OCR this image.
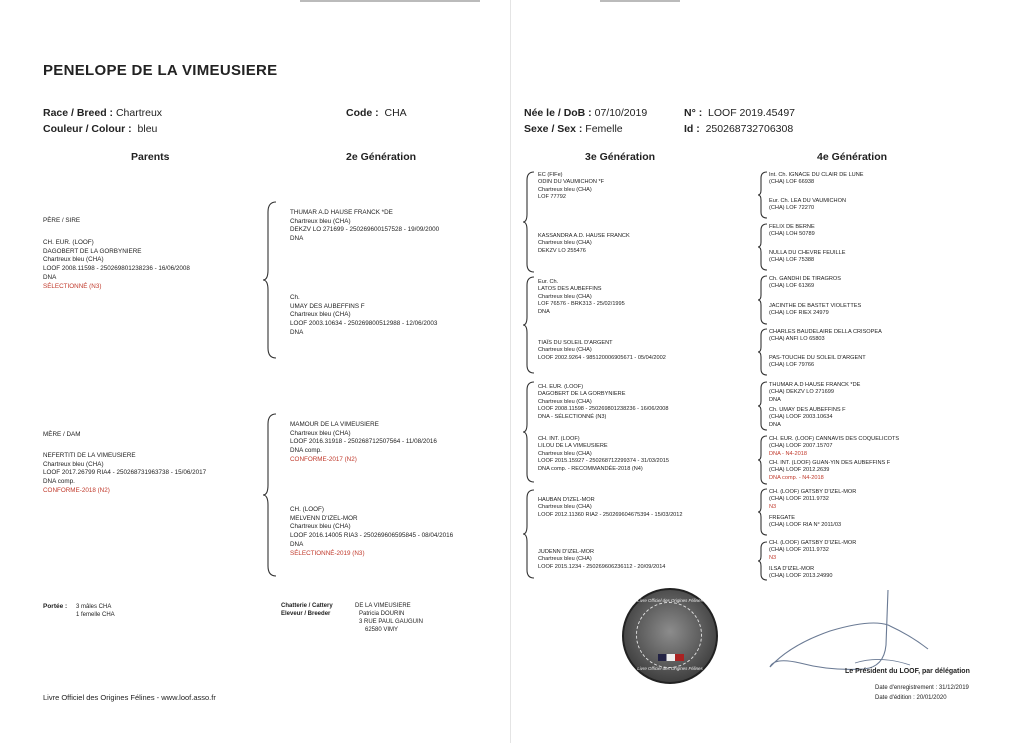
PENELOPE DE LA VIMEUSIERE
Race / Breed : Chartreux
Couleur / Colour : bleu
Code : CHA	Née le / DoB : 07/10/2019
Sexe / Sex : Femelle
N° : LOOF 2019.45497
Id : 250268732706308
Parents	2e Génération	3e Génération	4e Génération
PÈRE / SIRE
CH. EUR. (LOOF)
DAGOBERT DE LA GORBYNIERE
Chartreux bleu (CHA)
LOOF 2008.11598 - 250269801238236 - 16/06/2008
DNA
SÉLECTIONNÉ (N3)
MÈRE / DAM
NEFERTITI DE LA VIMEUSIERE
Chartreux bleu (CHA)
LOOF 2017.26799 RIA4 - 250268731963738 - 15/06/2017
DNA comp.
CONFORME-2018 (N2)
THUMAR A.D HAUSE FRANCK *DE
Chartreux bleu (CHA)
DEKZV LO 271699 - 250269600157528 - 19/09/2000
DNA
Ch.
UMAY DES AUBEFFINS F
Chartreux bleu (CHA)
LOOF 2003.10634 - 250269800512988 - 12/06/2003
DNA
MAMOUR DE LA VIMEUSIERE
Chartreux bleu (CHA)
LOOF 2016.31918 - 250268712507564 - 11/08/2016
DNA comp.
CONFORME-2017 (N2)
CH. (LOOF)
MELVENN D'IZEL-MOR
Chartreux bleu (CHA)
LOOF 2016.14005 RIA3 - 250269606595845 - 08/04/2016
DNA
SÉLECTIONNÉ-2019 (N3)
EC (FIFe)
ODIN DU VAUMICHON *F
Chartreux bleu (CHA)
LOF 77792
KASSANDRA A.D. HAUSE FRANCK
Chartreux bleu (CHA)
DEKZV LO 255476
Eur. Ch.
LATOS DES AUBEFFINS
Chartreux bleu (CHA)
LOF 76576 - BRK313 - 25/02/1995
DNA
TIAÏS DU SOLEIL D'ARGENT
Chartreux bleu (CHA)
LOOF 2002.9264 - 985120006905671 - 05/04/2002
CH. EUR. (LOOF)
DAGOBERT DE LA GORBYNIERE
Chartreux bleu (CHA)
LOOF 2008.11598 - 250269801238236 - 16/06/2008
DNA - SÉLECTIONNÉ (N3)
CH. INT. (LOOF)
LILOU DE LA VIMEUSIERE
Chartreux bleu (CHA)
LOOF 2015.15927 - 250268712299374 - 31/03/2015
DNA comp. - RECOMMANDÉE-2018 (N4)
HAUBAN D'IZEL-MOR
Chartreux bleu (CHA)
LOOF 2012.11360 RIA2 - 250269604675394 - 15/03/2012
JUDENN D'IZEL-MOR
Chartreux bleu (CHA)
LOOF 2015.1234 - 250269606236112 - 20/09/2014
Int. Ch. IGNACE DU CLAIR DE LUNE
(CHA) LOF 66938
Eur. Ch. LEA DU VAUMICHON
(CHA) LOF 72270
FELIX DE BERNE
(CHA) LOH 50789
NULLA DU CHEVRE FEUILLE
(CHA) LOF 75388
Ch. GANDHI DE TIRAGROS
(CHA) LOF 61369
JACINTHE DE BASTET VIOLETTES
(CHA) LOF RIEX 24979
CHARLES BAUDELAIRE DELLA CRISOPEA
(CHA) ANFI LO 65803
PAS-TOUCHE DU SOLEIL D'ARGENT
(CHA) LOF 79766
THUMAR A.D HAUSE FRANCK *DE
(CHA) DEKZV LO 271699
DNA
Ch. UMAY DES AUBEFFINS F
(CHA) LOOF 2003.10634
DNA
CH. EUR. (LOOF) CANNAVIS DES COQUELICOTS
(CHA) LOOF 2007.15707
DNA - N4-2018
CH. INT. (LOOF) GUAN-YIN DES AUBEFFINS F
(CHA) LOOF 2012.2639
DNA comp. - N4-2018
CH. (LOOF) GATSBY D'IZEL-MOR
(CHA) LOOF 2011.9732
N3
FREGATE
(CHA) LOOF RIA N° 2011/03
CH. (LOOF) GATSBY D'IZEL-MOR
(CHA) LOOF 2011.9732
N3
ILSA D'IZEL-MOR
(CHA) LOOF 2013.24990
Portée : 3 mâles CHA
1 femelle CHA
Chatterie / Cattery
Eleveur / Breeder
DE LA VIMEUSIERE
Patricia DOURIN
3 RUE PAUL GAUGUIN
62580 VIMY
Livre Officiel des Origines Félines - www.loof.asso.fr
Livre Officiel des Origines Félines
Livre Officiel des Origines Félines	Le Président du LOOF, par délégation
Date d'enregistrement : 31/12/2019
Date d'édition : 20/01/2020
